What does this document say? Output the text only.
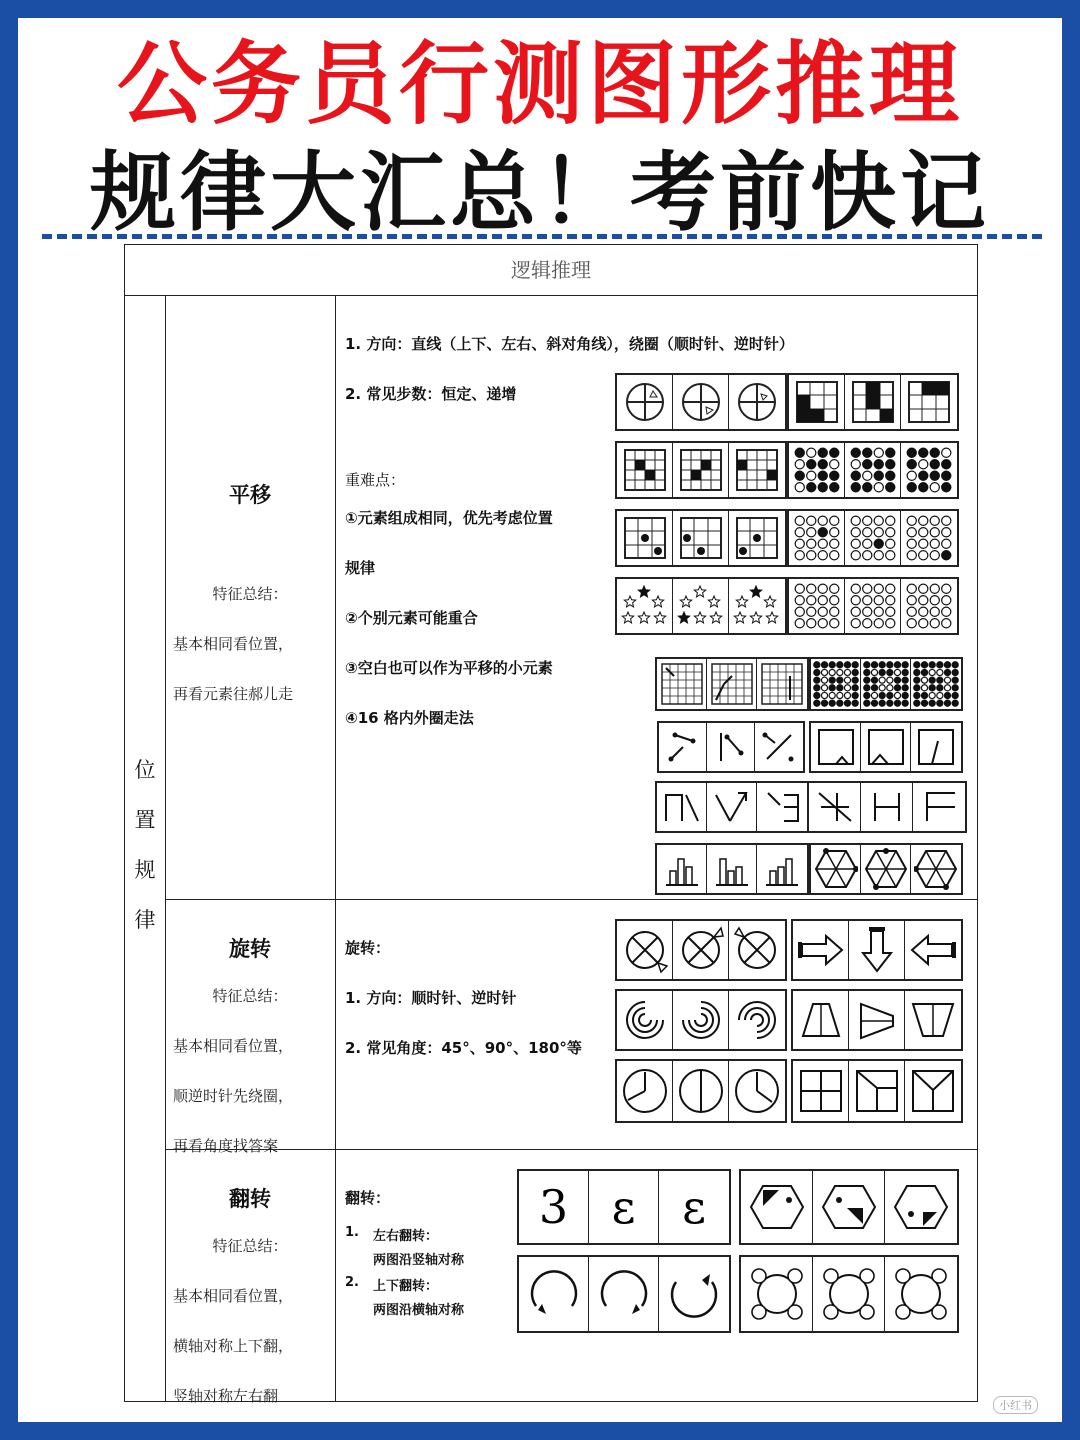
公务员行测图形推理
规律大汇总！考前快记
逻辑推理
位
置
规
律
平移
特征总结：
基本相同看位置，
再看元素往郝儿走
1. 方向：直线（上下、左右、斜对角线），绕圈（顺时针、逆时针）
2. 常见步数：恒定、递增
重难点：
①元素组成相同，优先考虑位置
规律
②个别元素可能重合
③空白也可以作为平移的小元素
④16 格内外圈走法
旋转
特征总结：
基本相同看位置，
顺逆时针先绕圈，
再看角度找答案
旋转：
1. 方向：顺时针、逆时针
2. 常见角度：45°、90°、180°等
翻转
特征总结：
基本相同看位置，
横轴对称上下翻，
竖轴对称左右翻
翻转：
1. 左右翻转：
两图沿竖轴对称
2. 上下翻转：
两图沿横轴对称
3 ε	ε
小红书
